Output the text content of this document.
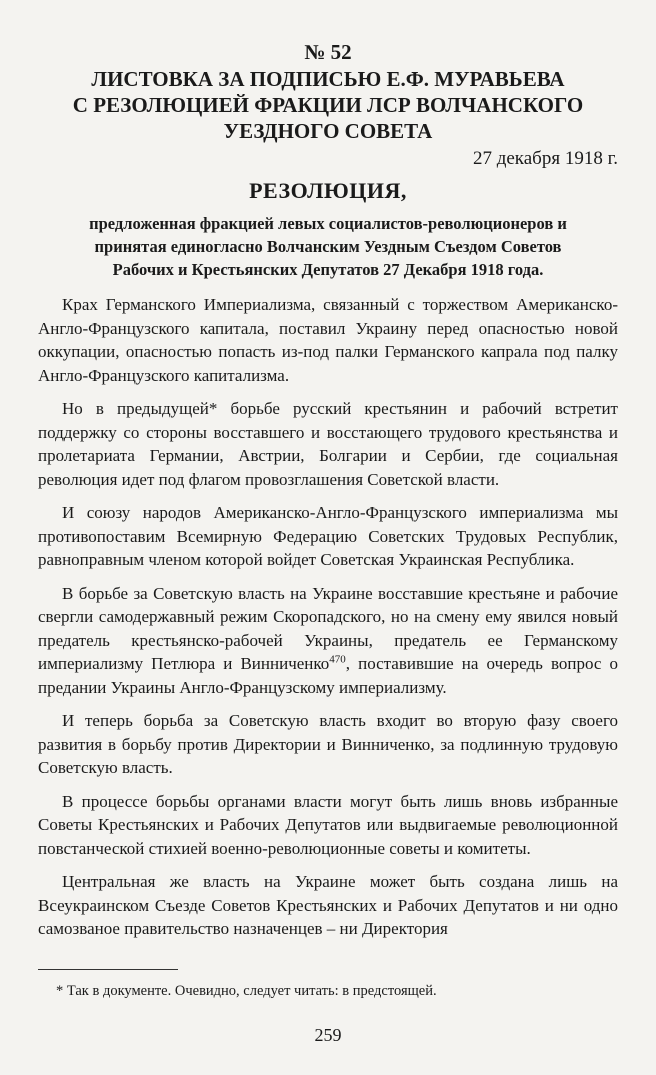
№ 52

ЛИСТОВКА ЗА ПОДПИСЬЮ Е.Ф. МУРАВЬЕВА
С РЕЗОЛЮЦИЕЙ ФРАКЦИИ ЛСР ВОЛЧАНСКОГО
УЕЗДНОГО СОВЕТА

27 декабря 1918 г.

РЕЗОЛЮЦИЯ,

предложенная фракцией левых социалистов-революционеров и
принятая единогласно Волчанским Уездным Съездом Советов
Рабочих и Крестьянских Депутатов 27 Декабря 1918 года.

Крах Германского Империализма, связанный с торжеством Американско-Англо-Французского капитала, поставил Украину перед опасностью новой оккупации, опасностью попасть из-под палки Германского капрала под палку Англо-Французского капитализма.

Но в предыдущей* борьбе русский крестьянин и рабочий встретит поддержку со стороны восставшего и восстающего трудового крестьянства и пролетариата Германии, Австрии, Болгарии и Сербии, где социальная революция идет под флагом провозглашения Советской власти.

И союзу народов Американско-Англо-Французского империализма мы противопоставим Всемирную Федерацию Советских Трудовых Республик, равноправным членом которой войдет Советская Украинская Республика.

В борьбе за Советскую власть на Украине восставшие крестьяне и рабочие свергли самодержавный режим Скоропадского, но на смену ему явился новый предатель крестьянско-рабочей Украины, предатель ее Германскому империализму Петлюра и Винниченко$^{470}$, поставившие на очередь вопрос о предании Украины Англо-Французскому империализму.

И теперь борьба за Советскую власть входит во вторую фазу своего развития в борьбу против Директории и Винниченко, за подлинную трудовую Советскую власть.

В процессе борьбы органами власти могут быть лишь вновь избранные Советы Крестьянских и Рабочих Депутатов или выдвигаемые революционной повстанческой стихией военно-революционные советы и комитеты.

Центральная же власть на Украине может быть создана лишь на Всеукраинском Съезде Советов Крестьянских и Рабочих Депутатов и ни одно самозваное правительство назначенцев – ни Директория

* Так в документе. Очевидно, следует читать: в предстоящей.
259
